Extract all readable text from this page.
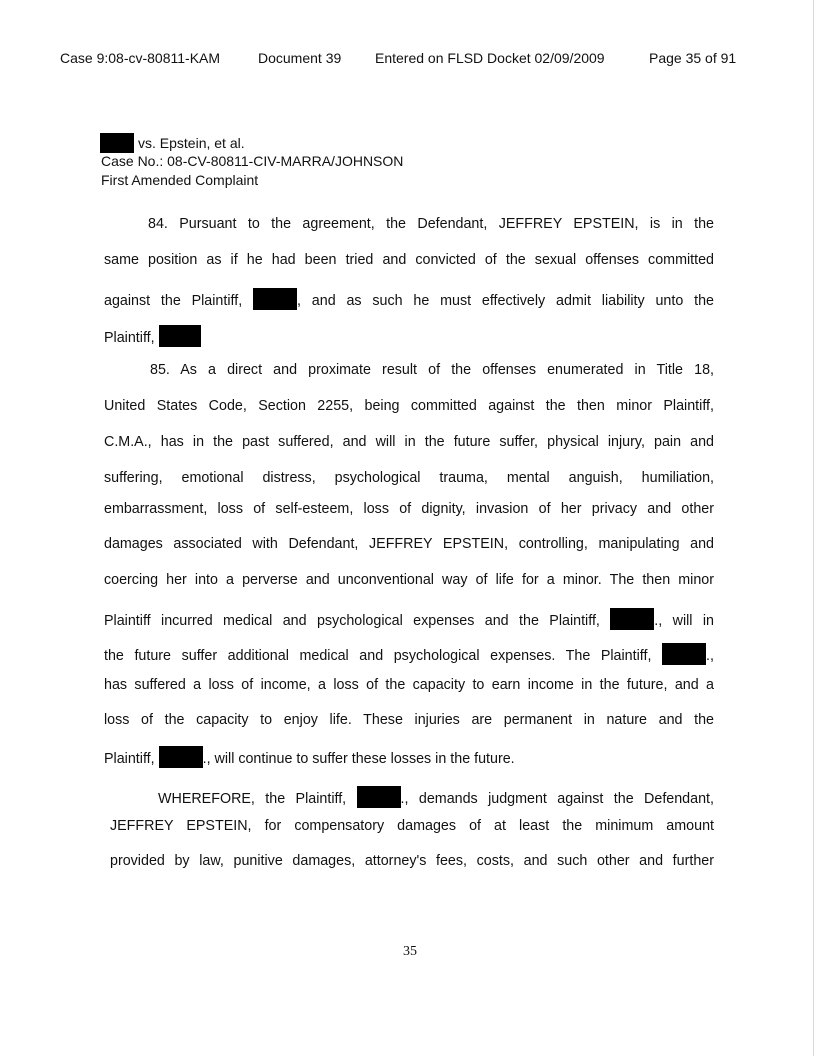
Case 9:08-cv-80811-KAM	Document 39 Entered on FLSD Docket 02/09/2009	Page 35 of 91
vs. Epstein, et al.
Case No.: 08-CV-80811-CIV-MARRA/JOHNSON
First Amended Complaint
84. Pursuant to the agreement, the Defendant, JEFFREY EPSTEIN, is in the
same position as if he had been tried and convicted of the sexual offenses committed
against the Plaintiff,	, and as such he must effectively admit liability unto the
Plaintiff,
85. As a direct and proximate result of the offenses enumerated in Title 18,
United States Code, Section 2255, being committed against the then minor Plaintiff,
C.M.A., has in the past suffered, and will in the future suffer, physical injury, pain and
suffering, emotional distress, psychological trauma, mental anguish, humiliation,
embarrassment, loss of self-esteem, loss of dignity, invasion of her privacy and other
damages associated with Defendant, JEFFREY EPSTEIN, controlling, manipulating and
coercing her into a perverse and unconventional way of life for a minor. The then minor
Plaintiff incurred medical and psychological expenses and the Plaintiff,	., will in
the future suffer additional medical and psychological expenses. The Plaintiff,	.,
has suffered a loss of income, a loss of the capacity to earn income in the future, and a
loss of the capacity to enjoy life. These injuries are permanent in nature and the
Plaintiff,	., will continue to suffer these losses in the future.
WHEREFORE, the Plaintiff,	., demands judgment against the Defendant,
JEFFREY EPSTEIN, for compensatory damages of at least the minimum amount
provided by law, punitive damages, attorney's fees, costs, and such other and further
35
